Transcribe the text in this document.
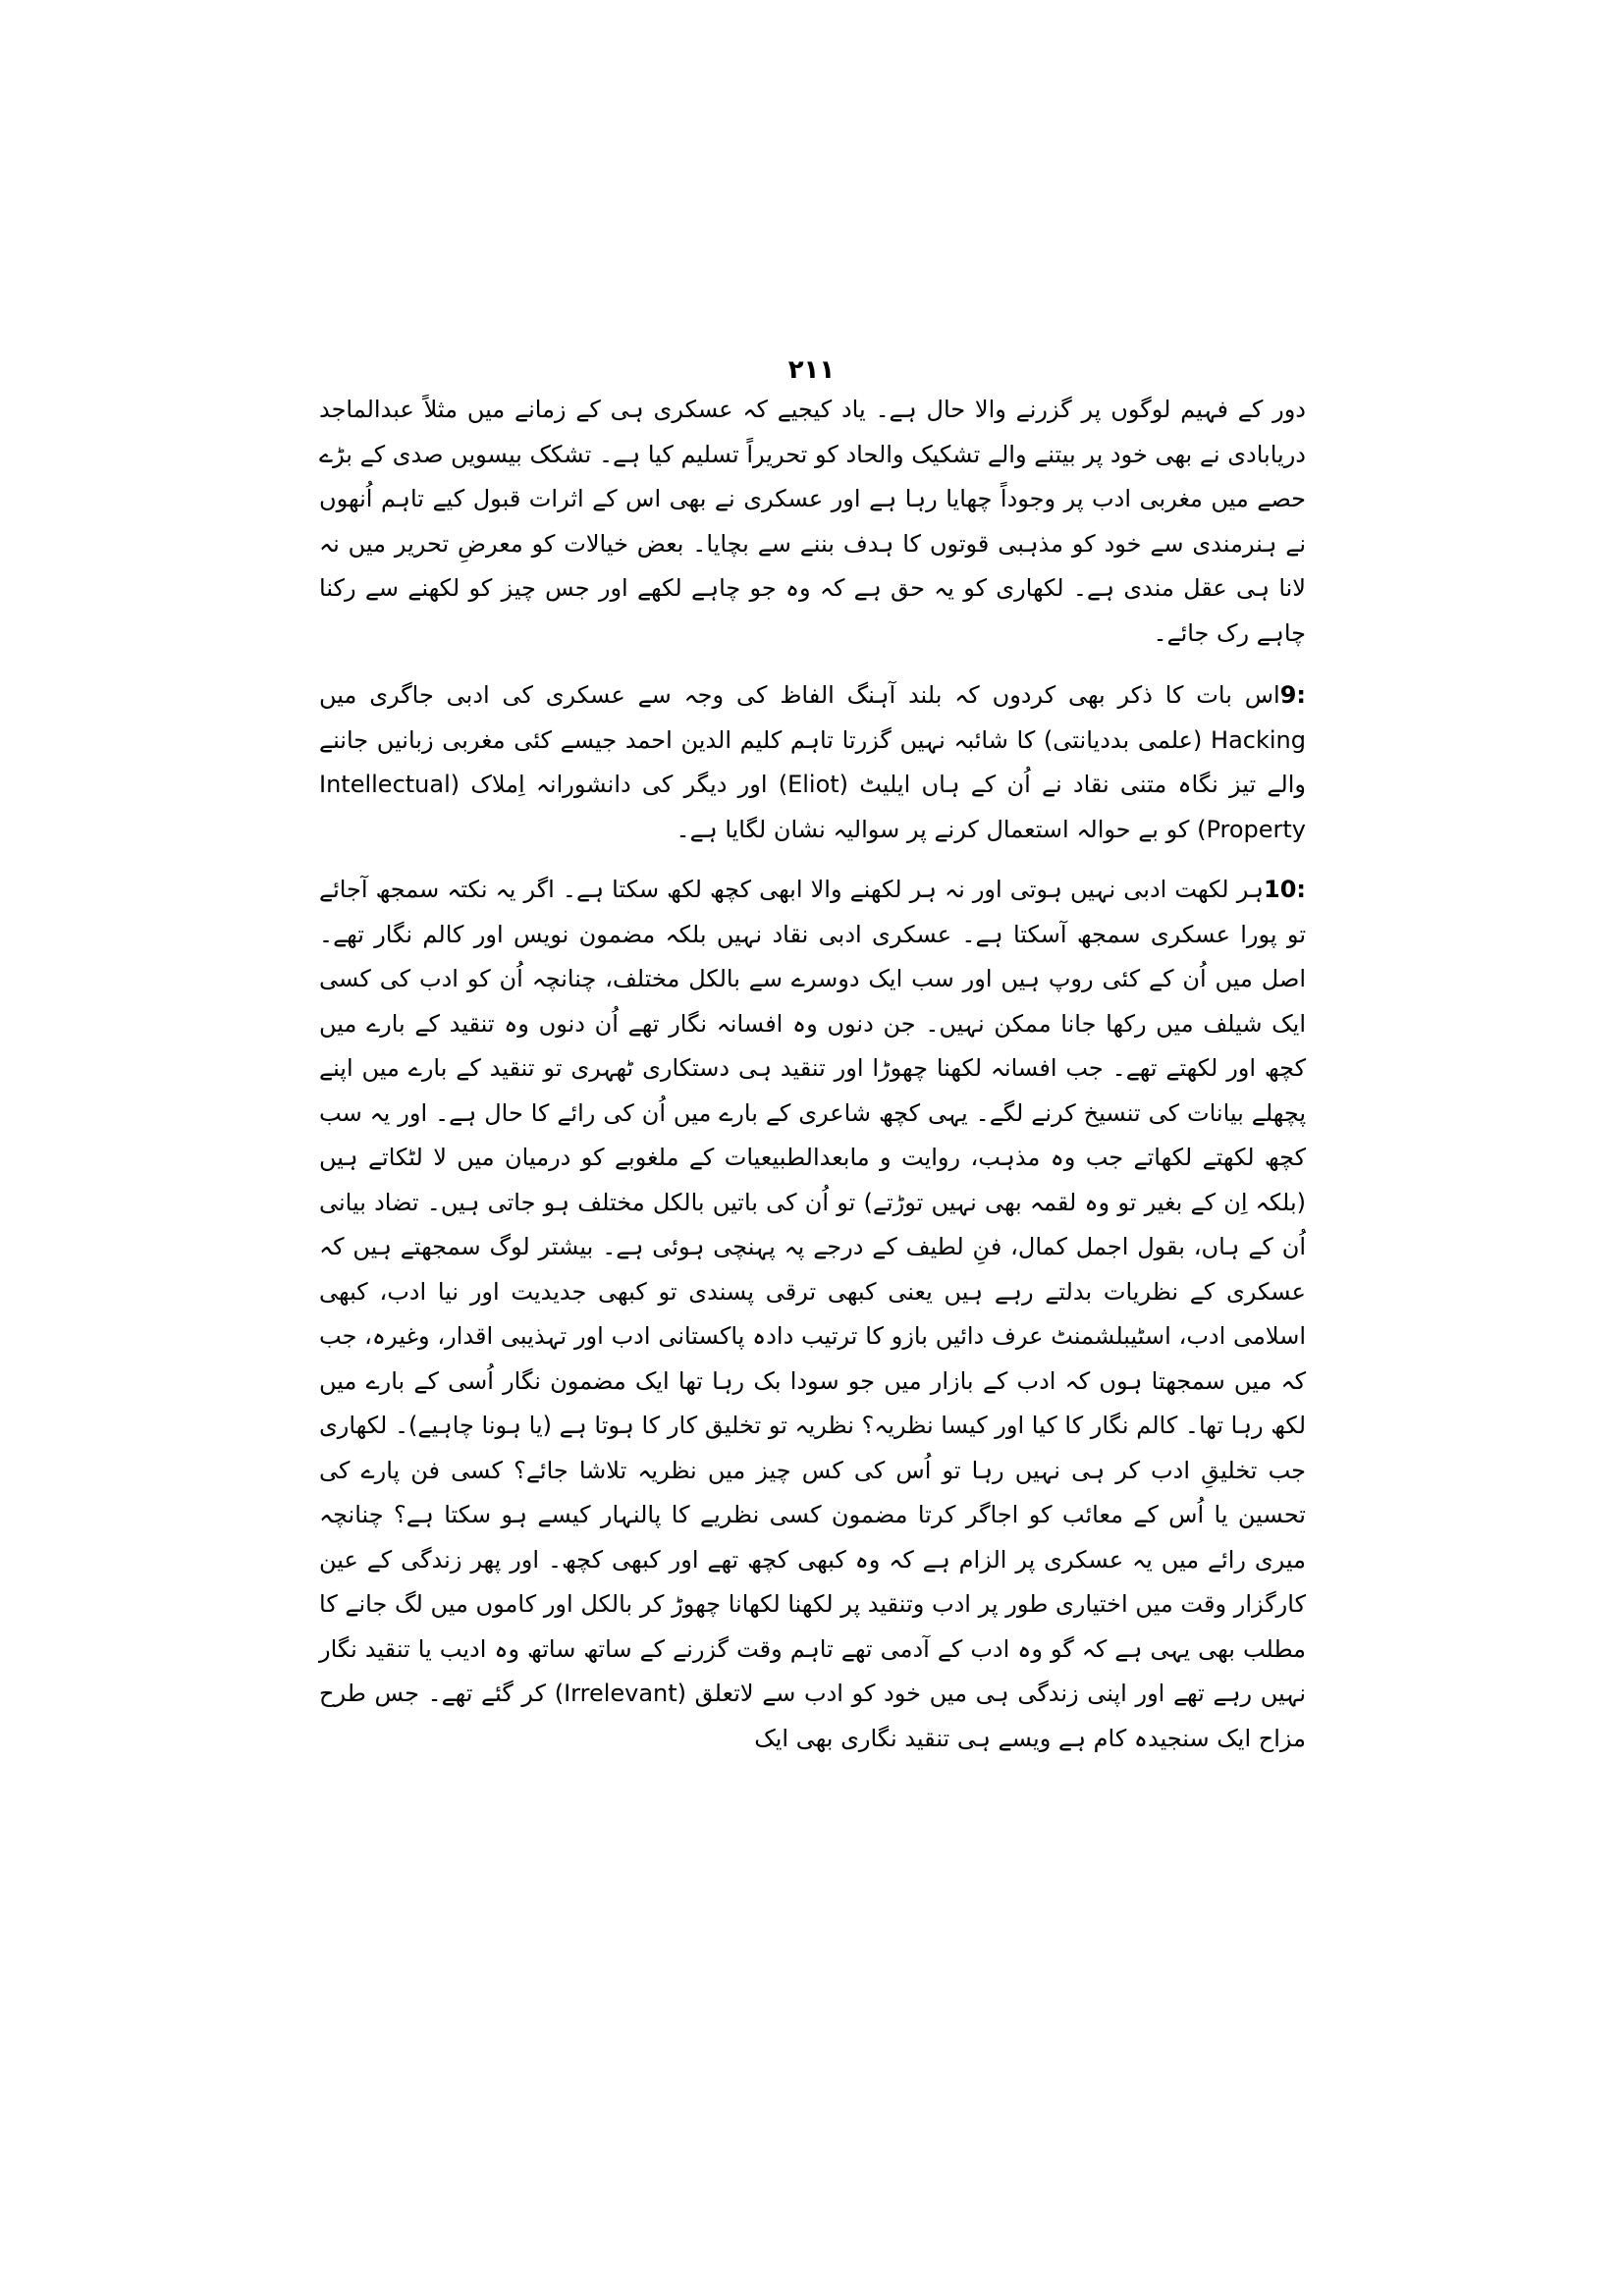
۲۱۱

دور کے فہیم لوگوں پر گزرنے والا حال ہے۔ یاد کیجیے کہ عسکری ہی کے زمانے میں مثلاً عبدالماجد دریابادی نے بھی خود پر بیتنے والے تشکیک والحاد کو تحریراً تسلیم کیا ہے۔ تشکک بیسویں صدی کے بڑے حصے میں مغربی ادب پر وجوداً چھایا رہا ہے اور عسکری نے بھی اس کے اثرات قبول کیے تاہم اُنھوں نے ہنرمندی سے خود کو مذہبی قوتوں کا ہدف بننے سے بچایا۔ بعض خیالات کو معرضِ تحریر میں نہ لانا ہی عقل مندی ہے۔ لکھاری کو یہ حق ہے کہ وہ جو چاہے لکھے اور جس چیز کو لکھنے سے رکنا چاہے رک جائے۔

9:اس بات کا ذکر بھی کردوں کہ بلند آہنگ الفاظ کی وجہ سے عسکری کی ادبی جاگری میں Hacking (علمی بددیانتی) کا شائبہ نہیں گزرتا تاہم کلیم الدین احمد جیسے کئی مغربی زبانیں جاننے والے تیز نگاہ متنی نقاد نے اُن کے ہاں ایلیٹ (Eliot) اور دیگر کی دانشورانہ اِملاک (Intellectual Property) کو بے حوالہ استعمال کرنے پر سوالیہ نشان لگایا ہے۔

10:ہر لکھت ادبی نہیں ہوتی اور نہ ہر لکھنے والا ابھی کچھ لکھ سکتا ہے۔ اگر یہ نکتہ سمجھ آجائے تو پورا عسکری سمجھ آسکتا ہے۔ عسکری ادبی نقاد نہیں بلکہ مضمون نویس اور کالم نگار تھے۔ اصل میں اُن کے کئی روپ ہیں اور سب ایک دوسرے سے بالکل مختلف، چنانچہ اُن کو ادب کی کسی ایک شیلف میں رکھا جانا ممکن نہیں۔ جن دنوں وہ افسانہ نگار تھے اُن دنوں وہ تنقید کے بارے میں کچھ اور لکھتے تھے۔ جب افسانہ لکھنا چھوڑا اور تنقید ہی دستکاری ٹھہری تو تنقید کے بارے میں اپنے پچھلے بیانات کی تنسیخ کرنے لگے۔ یہی کچھ شاعری کے بارے میں اُن کی رائے کا حال ہے۔ اور یہ سب کچھ لکھتے لکھاتے جب وہ مذہب، روایت و مابعدالطبیعیات کے ملغوبے کو درمیان میں لا لٹکاتے ہیں (بلکہ اِن کے بغیر تو وہ لقمہ بھی نہیں توڑتے) تو اُن کی باتیں بالکل مختلف ہو جاتی ہیں۔ تضاد بیانی اُن کے ہاں، بقول اجمل کمال، فنِ لطیف کے درجے پہ پہنچی ہوئی ہے۔ بیشتر لوگ سمجھتے ہیں کہ عسکری کے نظریات بدلتے رہے ہیں یعنی کبھی ترقی پسندی تو کبھی جدیدیت اور نیا ادب، کبھی اسلامی ادب، اسٹیبلشمنٹ عرف دائیں بازو کا ترتیب دادہ پاکستانی ادب اور تہذیبی اقدار، وغیرہ، جب کہ میں سمجھتا ہوں کہ ادب کے بازار میں جو سودا بک رہا تھا ایک مضمون نگار اُسی کے بارے میں لکھ رہا تھا۔ کالم نگار کا کیا اور کیسا نظریہ؟ نظریہ تو تخلیق کار کا ہوتا ہے (یا ہونا چاہیے)۔ لکھاری جب تخلیقِ ادب کر ہی نہیں رہا تو اُس کی کس چیز میں نظریہ تلاشا جائے؟ کسی فن پارے کی تحسین یا اُس کے معائب کو اجاگر کرتا مضمون کسی نظریے کا پالنہار کیسے ہو سکتا ہے؟ چنانچہ میری رائے میں یہ عسکری پر الزام ہے کہ وہ کبھی کچھ تھے اور کبھی کچھ۔ اور پھر زندگی کے عین کارگزار وقت میں اختیاری طور پر ادب وتنقید پر لکھنا لکھانا چھوڑ کر بالکل اور کاموں میں لگ جانے کا مطلب بھی یہی ہے کہ گو وہ ادب کے آدمی تھے تاہم وقت گزرنے کے ساتھ ساتھ وہ ادیب یا تنقید نگار نہیں رہے تھے اور اپنی زندگی ہی میں خود کو ادب سے لاتعلق (Irrelevant) کر گئے تھے۔ جس طرح مزاح ایک سنجیدہ کام ہے ویسے ہی تنقید نگاری بھی ایک
